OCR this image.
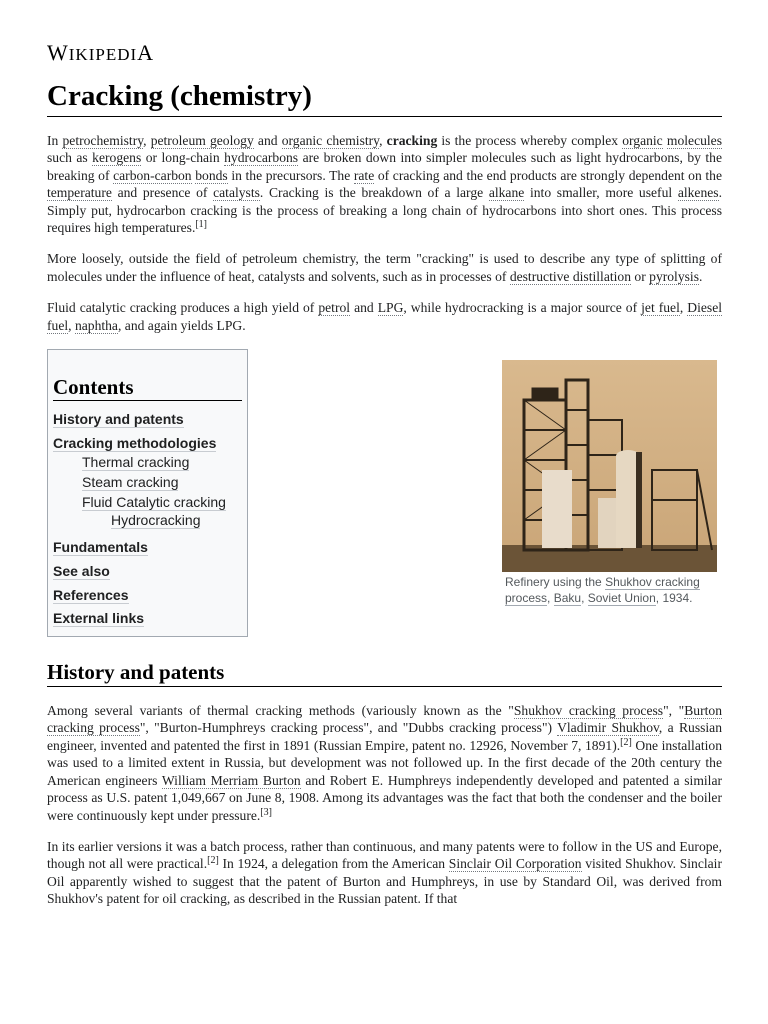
WIKIPEDIA
Cracking (chemistry)

In petrochemistry, petroleum geology and organic chemistry, cracking is the process whereby complex organic molecules such as kerogens or long-chain hydrocarbons are broken down into simpler molecules such as light hydrocarbons, by the breaking of carbon-carbon bonds in the precursors. The rate of cracking and the end products are strongly dependent on the temperature and presence of catalysts. Cracking is the breakdown of a large alkane into smaller, more useful alkenes. Simply put, hydrocarbon cracking is the process of breaking a long chain of hydrocarbons into short ones. This process requires high temperatures.[1]

More loosely, outside the field of petroleum chemistry, the term "cracking" is used to describe any type of splitting of molecules under the influence of heat, catalysts and solvents, such as in processes of destructive distillation or pyrolysis.

Fluid catalytic cracking produces a high yield of petrol and LPG, while hydrocracking is a major source of jet fuel, Diesel fuel, naphtha, and again yields LPG.

Contents
History and patents
Cracking methodologies
Thermal cracking
Steam cracking
Fluid Catalytic cracking
Hydrocracking
Fundamentals
See also
References
External links
Refinery using the Shukhov cracking process, Baku, Soviet Union, 1934.
History and patents

Among several variants of thermal cracking methods (variously known as the "Shukhov cracking process", "Burton cracking process", "Burton-Humphreys cracking process", and "Dubbs cracking process") Vladimir Shukhov, a Russian engineer, invented and patented the first in 1891 (Russian Empire, patent no. 12926, November 7, 1891).[2] One installation was used to a limited extent in Russia, but development was not followed up. In the first decade of the 20th century the American engineers William Merriam Burton and Robert E. Humphreys independently developed and patented a similar process as U.S. patent 1,049,667 on June 8, 1908. Among its advantages was the fact that both the condenser and the boiler were continuously kept under pressure.[3]

In its earlier versions it was a batch process, rather than continuous, and many patents were to follow in the US and Europe, though not all were practical.[2] In 1924, a delegation from the American Sinclair Oil Corporation visited Shukhov. Sinclair Oil apparently wished to suggest that the patent of Burton and Humphreys, in use by Standard Oil, was derived from Shukhov's patent for oil cracking, as described in the Russian patent. If that
